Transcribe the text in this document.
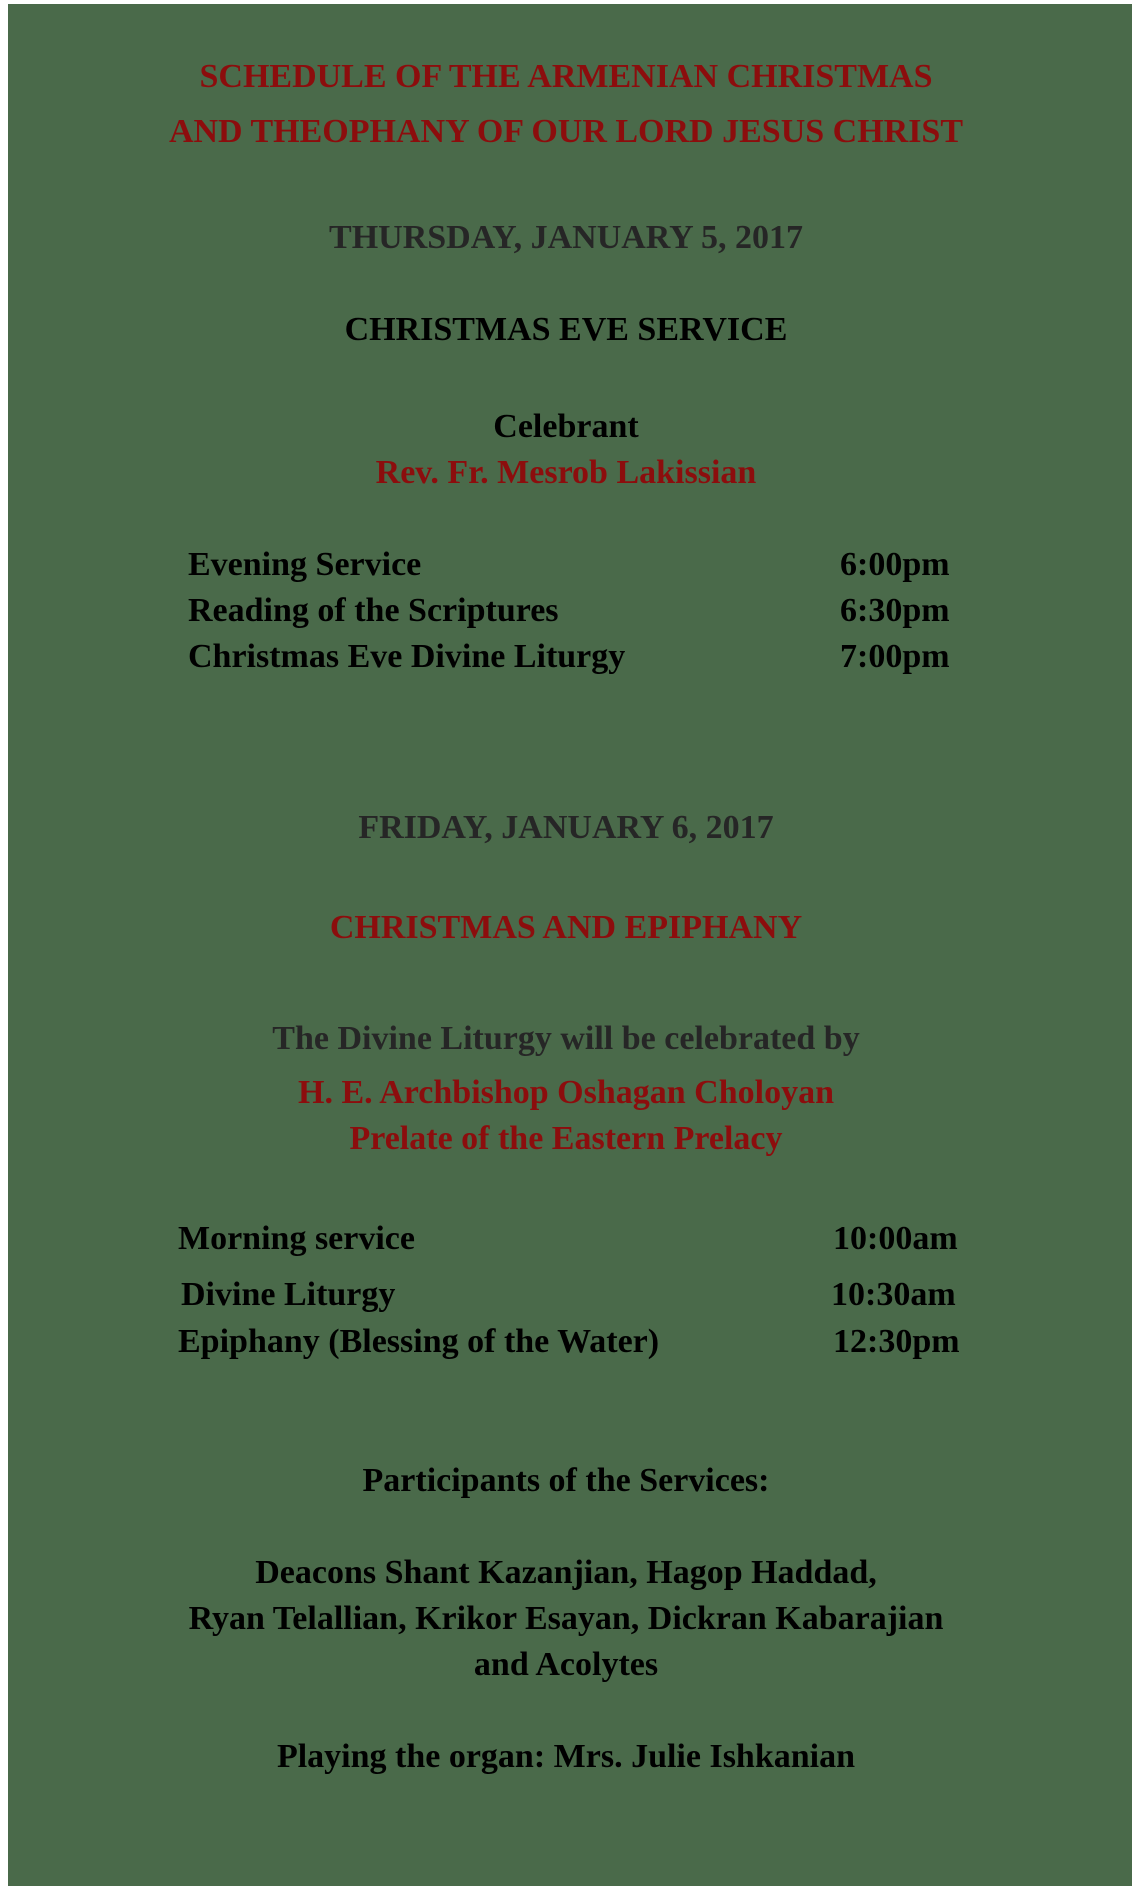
SCHEDULE OF THE ARMENIAN CHRISTMAS
AND THEOPHANY OF OUR LORD JESUS CHRIST
THURSDAY, JANUARY 5, 2017
CHRISTMAS EVE SERVICE
Celebrant
Rev. Fr. Mesrob Lakissian
Evening Service	6:00pm
Reading of the Scriptures	6:30pm
Christmas Eve Divine Liturgy	7:00pm
FRIDAY, JANUARY 6, 2017
CHRISTMAS AND EPIPHANY
The Divine Liturgy will be celebrated by
H. E. Archbishop Oshagan Choloyan
Prelate of the Eastern Prelacy
Morning service	10:00am
Divine Liturgy	10:30am
Epiphany (Blessing of the Water)	12:30pm
Participants of the Services:
Deacons Shant Kazanjian, Hagop Haddad,
Ryan Telallian, Krikor Esayan, Dickran Kabarajian
and Acolytes
Playing the organ: Mrs. Julie Ishkanian
